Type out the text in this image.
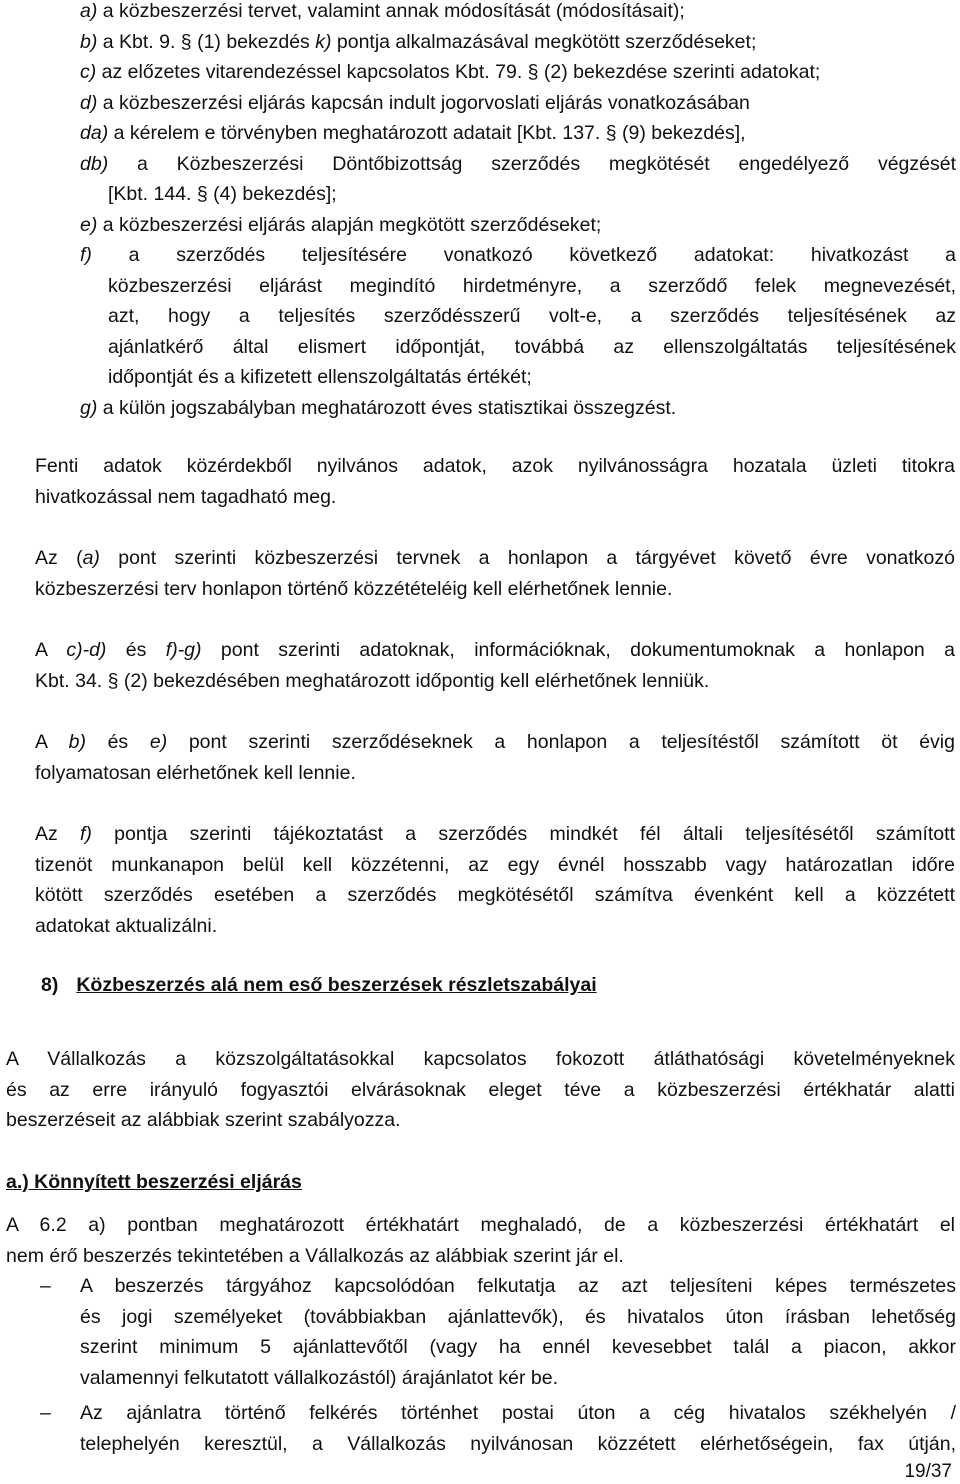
a) a közbeszerzési tervet, valamint annak módosítását (módosításait);
b) a Kbt. 9. § (1) bekezdés k) pontja alkalmazásával megkötött szerződéseket;
c) az előzetes vitarendezéssel kapcsolatos Kbt. 79. § (2) bekezdése szerinti adatokat;
d) a közbeszerzési eljárás kapcsán indult jogorvoslati eljárás vonatkozásában
da) a kérelem e törvényben meghatározott adatait [Kbt. 137. § (9) bekezdés],
db) a Közbeszerzési Döntőbizottság szerződés megkötését engedélyező végzését
[Kbt. 144. § (4) bekezdés];
e) a közbeszerzési eljárás alapján megkötött szerződéseket;
f) a szerződés teljesítésére vonatkozó következő adatokat: hivatkozást a
közbeszerzési eljárást megindító hirdetményre, a szerződő felek megnevezését,
azt, hogy a teljesítés szerződésszerű volt-e, a szerződés teljesítésének az
ajánlatkérő által elismert időpontját, továbbá az ellenszolgáltatás teljesítésének
időpontját és a kifizetett ellenszolgáltatás értékét;
g) a külön jogszabályban meghatározott éves statisztikai összegzést.
Fenti adatok közérdekből nyilvános adatok, azok nyilvánosságra hozatala üzleti titokra
hivatkozással nem tagadható meg.
Az (a) pont szerinti közbeszerzési tervnek a honlapon a tárgyévet követő évre vonatkozó
közbeszerzési terv honlapon történő közzétételéig kell elérhetőnek lennie.
A c)-d) és f)-g) pont szerinti adatoknak, információknak, dokumentumoknak a honlapon a
Kbt. 34. § (2) bekezdésében meghatározott időpontig kell elérhetőnek lenniük.
A b) és e) pont szerinti szerződéseknek a honlapon a teljesítéstől számított öt évig
folyamatosan elérhetőnek kell lennie.
Az f) pontja szerinti tájékoztatást a szerződés mindkét fél általi teljesítésétől számított
tizenöt munkanapon belül kell közzétenni, az egy évnél hosszabb vagy határozatlan időre
kötött szerződés esetében a szerződés megkötésétől számítva évenként kell a közzétett
adatokat aktualizálni.
8) Közbeszerzés alá nem eső beszerzések részletszabályai
A Vállalkozás a közszolgáltatásokkal kapcsolatos fokozott átláthatósági követelményeknek
és az erre irányuló fogyasztói elvárásoknak eleget téve a közbeszerzési értékhatár alatti
beszerzéseit az alábbiak szerint szabályozza.
a.) Könnyített beszerzési eljárás
A 6.2 a) pontban meghatározott értékhatárt meghaladó, de a közbeszerzési értékhatárt el
nem érő beszerzés tekintetében a Vállalkozás az alábbiak szerint jár el.
– A beszerzés tárgyához kapcsolódóan felkutatja az azt teljesíteni képes természetes
és jogi személyeket (továbbiakban ajánlattevők), és hivatalos úton írásban lehetőség
szerint minimum 5 ajánlattevőtől (vagy ha ennél kevesebbet talál a piacon, akkor
valamennyi felkutatott vállalkozástól) árajánlatot kér be.
– Az ajánlatra történő felkérés történhet postai úton a cég hivatalos székhelyén /
telephelyén keresztül, a Vállalkozás nyilvánosan közzétett elérhetőségein, fax útján,
19/37
